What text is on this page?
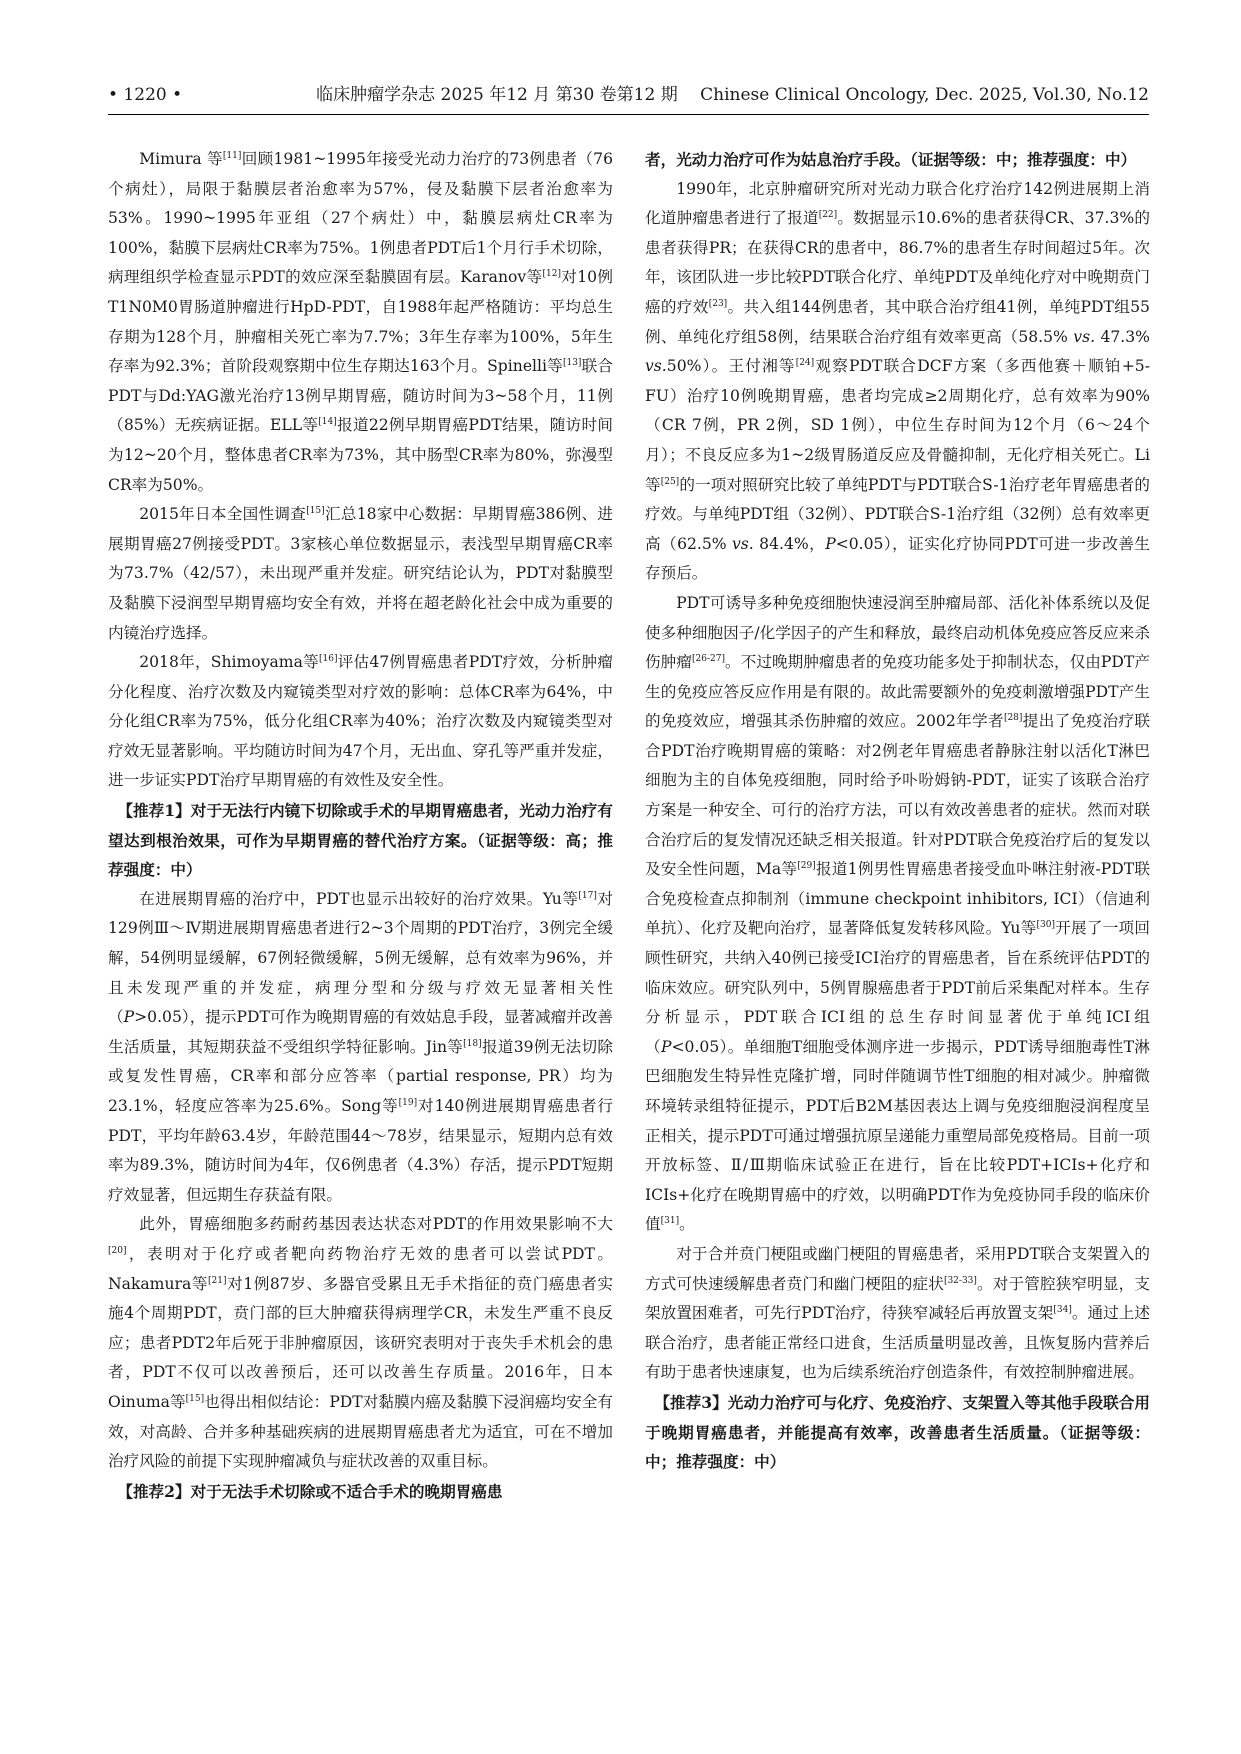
• 1220 •	临床肿瘤学杂志 2025 年12 月 第30 卷第12 期 　Chinese Clinical Oncology, Dec. 2025, Vol.30, No.12

Mimura 等[11]回顾1981~1995年接受光动力治疗的73例患者（76个病灶），局限于黏膜层者治愈率为57%，侵及黏膜下层者治愈率为53%。1990~1995年亚组（27个病灶）中，黏膜层病灶CR率为100%，黏膜下层病灶CR率为75%。1例患者PDT后1个月行手术切除，病理组织学检查显示PDT的效应深至黏膜固有层。Karanov等[12]对10例T1N0M0胃肠道肿瘤进行HpD-PDT，自1988年起严格随访：平均总生存期为128个月，肿瘤相关死亡率为7.7%；3年生存率为100%，5年生存率为92.3%；首阶段观察期中位生存期达163个月。Spinelli等[13]联合PDT与Dd:YAG激光治疗13例早期胃癌，随访时间为3~58个月，11例（85%）无疾病证据。ELL等[14]报道22例早期胃癌PDT结果，随访时间为12~20个月，整体患者CR率为73%，其中肠型CR率为80%，弥漫型CR率为50%。

2015年日本全国性调查[15]汇总18家中心数据：早期胃癌386例、进展期胃癌27例接受PDT。3家核心单位数据显示，表浅型早期胃癌CR率为73.7%（42/57），未出现严重并发症。研究结论认为，PDT对黏膜型及黏膜下浸润型早期胃癌均安全有效，并将在超老龄化社会中成为重要的内镜治疗选择。

2018年，Shimoyama等[16]评估47例胃癌患者PDT疗效，分析肿瘤分化程度、治疗次数及内窥镜类型对疗效的影响：总体CR率为64%，中分化组CR率为75%，低分化组CR率为40%；治疗次数及内窥镜类型对疗效无显著影响。平均随访时间为47个月，无出血、穿孔等严重并发症，进一步证实PDT治疗早期胃癌的有效性及安全性。

【推荐1】对于无法行内镜下切除或手术的早期胃癌患者，光动力治疗有望达到根治效果，可作为早期胃癌的替代治疗方案。（证据等级：高；推荐强度：中）

在进展期胃癌的治疗中，PDT也显示出较好的治疗效果。Yu等[17]对129例Ⅲ～Ⅳ期进展期胃癌患者进行2~3个周期的PDT治疗，3例完全缓解，54例明显缓解，67例轻微缓解，5例无缓解，总有效率为96%，并且未发现严重的并发症，病理分型和分级与疗效无显著相关性（P>0.05），提示PDT可作为晚期胃癌的有效姑息手段，显著减瘤并改善生活质量，其短期获益不受组织学特征影响。Jin等[18]报道39例无法切除或复发性胃癌，CR率和部分应答率（partial response, PR）均为23.1%，轻度应答率为25.6%。Song等[19]对140例进展期胃癌患者行PDT，平均年龄63.4岁，年龄范围44～78岁，结果显示，短期内总有效率为89.3%，随访时间为4年，仅6例患者（4.3%）存活，提示PDT短期疗效显著，但远期生存获益有限。

此外，胃癌细胞多药耐药基因表达状态对PDT的作用效果影响不大[20]，表明对于化疗或者靶向药物治疗无效的患者可以尝试PDT。Nakamura等[21]对1例87岁、多器官受累且无手术指征的贲门癌患者实施4个周期PDT，贲门部的巨大肿瘤获得病理学CR，未发生严重不良反应；患者PDT2年后死于非肿瘤原因，该研究表明对于丧失手术机会的患者，PDT不仅可以改善预后，还可以改善生存质量。2016年，日本Oinuma等[15]也得出相似结论：PDT对黏膜内癌及黏膜下浸润癌均安全有效，对高龄、合并多种基础疾病的进展期胃癌患者尤为适宜，可在不增加治疗风险的前提下实现肿瘤减负与症状改善的双重目标。

【推荐2】对于无法手术切除或不适合手术的晚期胃癌患

者，光动力治疗可作为姑息治疗手段。（证据等级：中；推荐强度：中）

1990年，北京肿瘤研究所对光动力联合化疗治疗142例进展期上消化道肿瘤患者进行了报道[22]。数据显示10.6%的患者获得CR、37.3%的患者获得PR；在获得CR的患者中，86.7%的患者生存时间超过5年。次年，该团队进一步比较PDT联合化疗、单纯PDT及单纯化疗对中晚期贲门癌的疗效[23]。共入组144例患者，其中联合治疗组41例，单纯PDT组55例、单纯化疗组58例，结果联合治疗组有效率更高（58.5% vs. 47.3% vs.50%）。王付湘等[24]观察PDT联合DCF方案（多西他赛＋顺铂+5-FU）治疗10例晚期胃癌，患者均完成≥2周期化疗，总有效率为90%（CR 7例，PR 2例，SD 1例），中位生存时间为12个月（6～24个月）；不良反应多为1~2级胃肠道反应及骨髓抑制，无化疗相关死亡。Li等[25]的一项对照研究比较了单纯PDT与PDT联合S-1治疗老年胃癌患者的疗效。与单纯PDT组（32例）、PDT联合S-1治疗组（32例）总有效率更高（62.5% vs. 84.4%，P<0.05），证实化疗协同PDT可进一步改善生存预后。

PDT可诱导多种免疫细胞快速浸润至肿瘤局部、活化补体系统以及促使多种细胞因子/化学因子的产生和释放，最终启动机体免疫应答反应来杀伤肿瘤[26-27]。不过晚期肿瘤患者的免疫功能多处于抑制状态，仅由PDT产生的免疫应答反应作用是有限的。故此需要额外的免疫刺激增强PDT产生的免疫效应，增强其杀伤肿瘤的效应。2002年学者[28]提出了免疫治疗联合PDT治疗晚期胃癌的策略：对2例老年胃癌患者静脉注射以活化T淋巴细胞为主的自体免疫细胞，同时给予卟吩姆钠-PDT，证实了该联合治疗方案是一种安全、可行的治疗方法，可以有效改善患者的症状。然而对联合治疗后的复发情况还缺乏相关报道。针对PDT联合免疫治疗后的复发以及安全性问题，Ma等[29]报道1例男性胃癌患者接受血卟啉注射液-PDT联合免疫检查点抑制剂（immune checkpoint inhibitors, ICI）（信迪利单抗）、化疗及靶向治疗，显著降低复发转移风险。Yu等[30]开展了一项回顾性研究，共纳入40例已接受ICI治疗的胃癌患者，旨在系统评估PDT的临床效应。研究队列中，5例胃腺癌患者于PDT前后采集配对样本。生存分析显示，PDT联合ICI组的总生存时间显著优于单纯ICI组（P<0.05）。单细胞T细胞受体测序进一步揭示，PDT诱导细胞毒性T淋巴细胞发生特异性克隆扩增，同时伴随调节性T细胞的相对减少。肿瘤微环境转录组特征提示，PDT后B2M基因表达上调与免疫细胞浸润程度呈正相关，提示PDT可通过增强抗原呈递能力重塑局部免疫格局。目前一项开放标签、Ⅱ/Ⅲ期临床试验正在进行，旨在比较PDT+ICIs+化疗和ICIs+化疗在晚期胃癌中的疗效，以明确PDT作为免疫协同手段的临床价值[31]。

对于合并贲门梗阻或幽门梗阻的胃癌患者，采用PDT联合支架置入的方式可快速缓解患者贲门和幽门梗阻的症状[32-33]。对于管腔狭窄明显，支架放置困难者，可先行PDT治疗，待狭窄减轻后再放置支架[34]。通过上述联合治疗，患者能正常经口进食，生活质量明显改善，且恢复肠内营养后有助于患者快速康复，也为后续系统治疗创造条件，有效控制肿瘤进展。

【推荐3】光动力治疗可与化疗、免疫治疗、支架置入等其他手段联合用于晚期胃癌患者，并能提高有效率，改善患者生活质量。（证据等级：中；推荐强度：中）
